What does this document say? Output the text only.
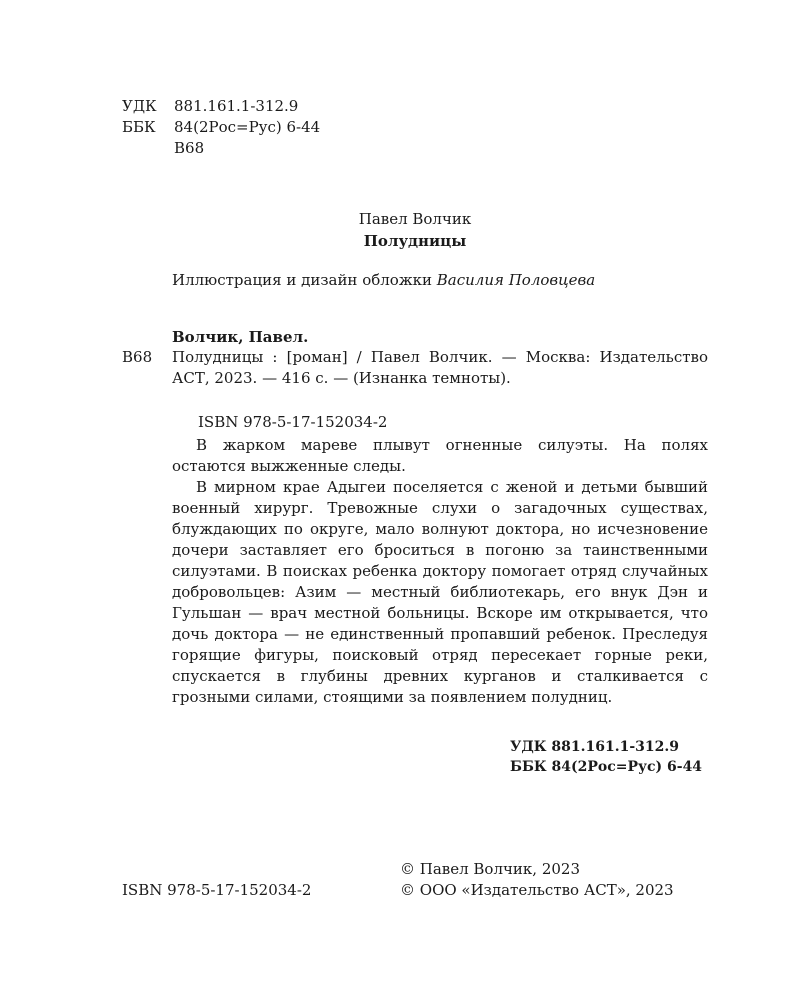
УДК 881.161.1-312.9
ББК 84(2Рос=Рус) 6-44
В68
Павел Волчик
Полудницы
Иллюстрация и дизайн обложки Василия Половцева
Волчик, Павел.
В68 Полудницы : [роман] / Павел Волчик. — Москва: Издательство АСТ, 2023. — 416 с. — (Изнанка темноты).
ISBN 978-5-17-152034-2

В жарком мареве плывут огненные силуэты. На полях остаются выжженные следы.

В мирном крае Адыгеи поселяется с женой и детьми бывший военный хирург. Тревожные слухи о загадочных существах, блуждающих по округе, мало волнуют доктора, но исчезновение дочери заставляет его броситься в погоню за таинственными силуэтами. В поисках ребенка доктору помогает отряд случайных добровольцев: Азим — местный библиотекарь, его внук Дэн и Гульшан — врач местной больницы. Вскоре им открывается, что дочь доктора — не единственный пропавший ребенок. Преследуя горящие фигуры, поисковый отряд пересекает горные реки, спускается в глубины древних курганов и сталкивается с грозными силами, стоящими за появлением полудниц.

УДК 881.161.1-312.9
ББК 84(2Рос=Рус) 6-44
ISBN 978-5-17-152034-2
© Павел Волчик, 2023
© ООО «Издательство АСТ», 2023
